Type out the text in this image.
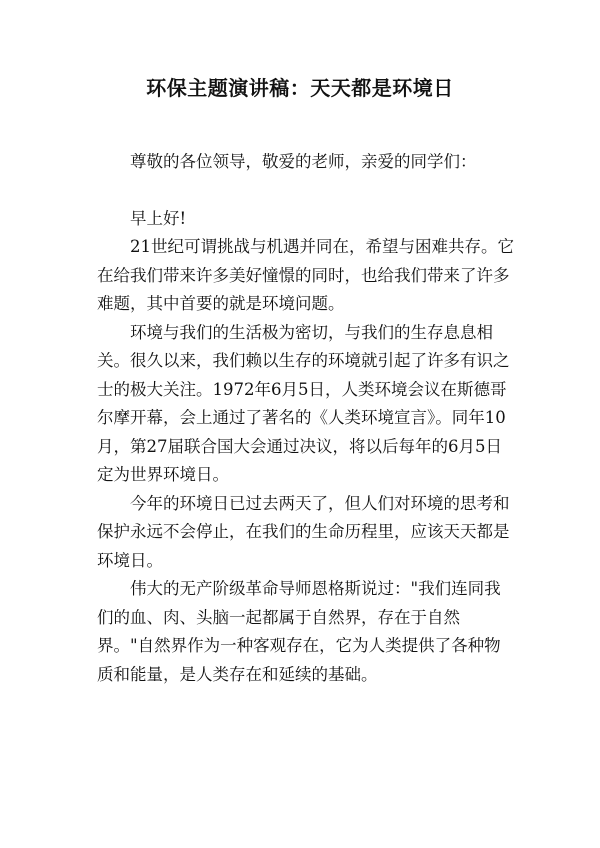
环保主题演讲稿：天天都是环境日

尊敬的各位领导，敬爱的老师，亲爱的同学们：

早上好!

21世纪可谓挑战与机遇并同在，希望与困难共存。它在给我们带来许多美好憧憬的同时，也给我们带来了许多难题，其中首要的就是环境问题。

环境与我们的生活极为密切，与我们的生存息息相关。很久以来，我们赖以生存的环境就引起了许多有识之士的极大关注。1972年6月5日，人类环境会议在斯德哥尔摩开幕，会上通过了著名的《人类环境宣言》。同年10月，第27届联合国大会通过决议，将以后每年的6月5日定为世界环境日。

今年的环境日已过去两天了，但人们对环境的思考和保护永远不会停止，在我们的生命历程里，应该天天都是环境日。

伟大的无产阶级革命导师恩格斯说过："我们连同我们的血、肉、头脑一起都属于自然界，存在于自然界。"自然界作为一种客观存在，它为人类提供了各种物质和能量，是人类存在和延续的基础。
